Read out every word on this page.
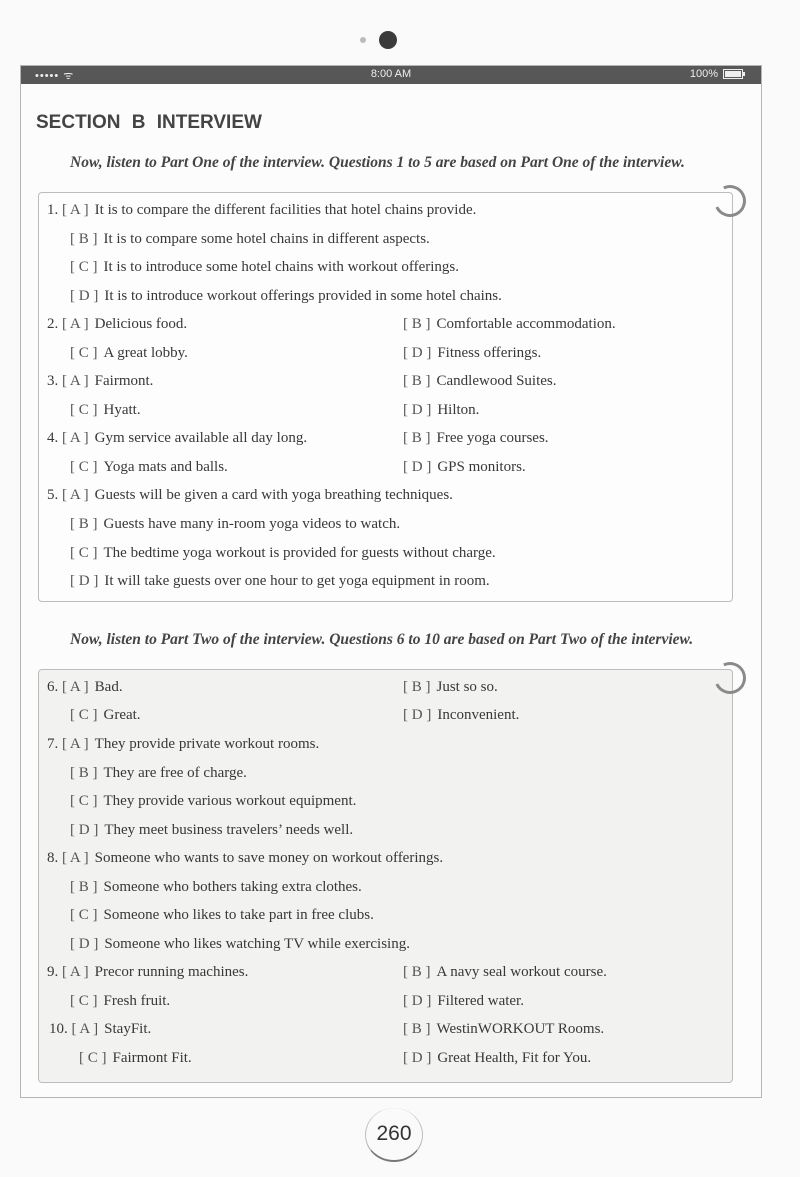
••••• ᯤ	8:00 AM	100%
SECTION B INTERVIEW
Now, listen to Part One of the interview. Questions 1 to 5 are based on Part One of the interview.
1. [ A ] It is to compare the different facilities that hotel chains provide.
[ B ] It is to compare some hotel chains in different aspects.
[ C ] It is to introduce some hotel chains with workout offerings.
[ D ] It is to introduce workout offerings provided in some hotel chains.
2. [ A ] Delicious food.	[ B ] Comfortable accommodation.
[ C ] A great lobby.	[ D ] Fitness offerings.
3. [ A ] Fairmont.	[ B ] Candlewood Suites.
[ C ] Hyatt.	[ D ] Hilton.
4. [ A ] Gym service available all day long.	[ B ] Free yoga courses.
[ C ] Yoga mats and balls.	[ D ] GPS monitors.
5. [ A ] Guests will be given a card with yoga breathing techniques.
[ B ] Guests have many in-room yoga videos to watch.
[ C ] The bedtime yoga workout is provided for guests without charge.
[ D ] It will take guests over one hour to get yoga equipment in room.
Now, listen to Part Two of the interview. Questions 6 to 10 are based on Part Two of the interview.
6. [ A ] Bad.	[ B ] Just so so.
[ C ] Great.	[ D ] Inconvenient.
7. [ A ] They provide private workout rooms.
[ B ] They are free of charge.
[ C ] They provide various workout equipment.
[ D ] They meet business travelers’ needs well.
8. [ A ] Someone who wants to save money on workout offerings.
[ B ] Someone who bothers taking extra clothes.
[ C ] Someone who likes to take part in free clubs.
[ D ] Someone who likes watching TV while exercising.
9. [ A ] Precor running machines.	[ B ] A navy seal workout course.
[ C ] Fresh fruit.	[ D ] Filtered water.
10. [ A ] StayFit.	[ B ] WestinWORKOUT Rooms.
[ C ] Fairmont Fit.	[ D ] Great Health, Fit for You.
260
